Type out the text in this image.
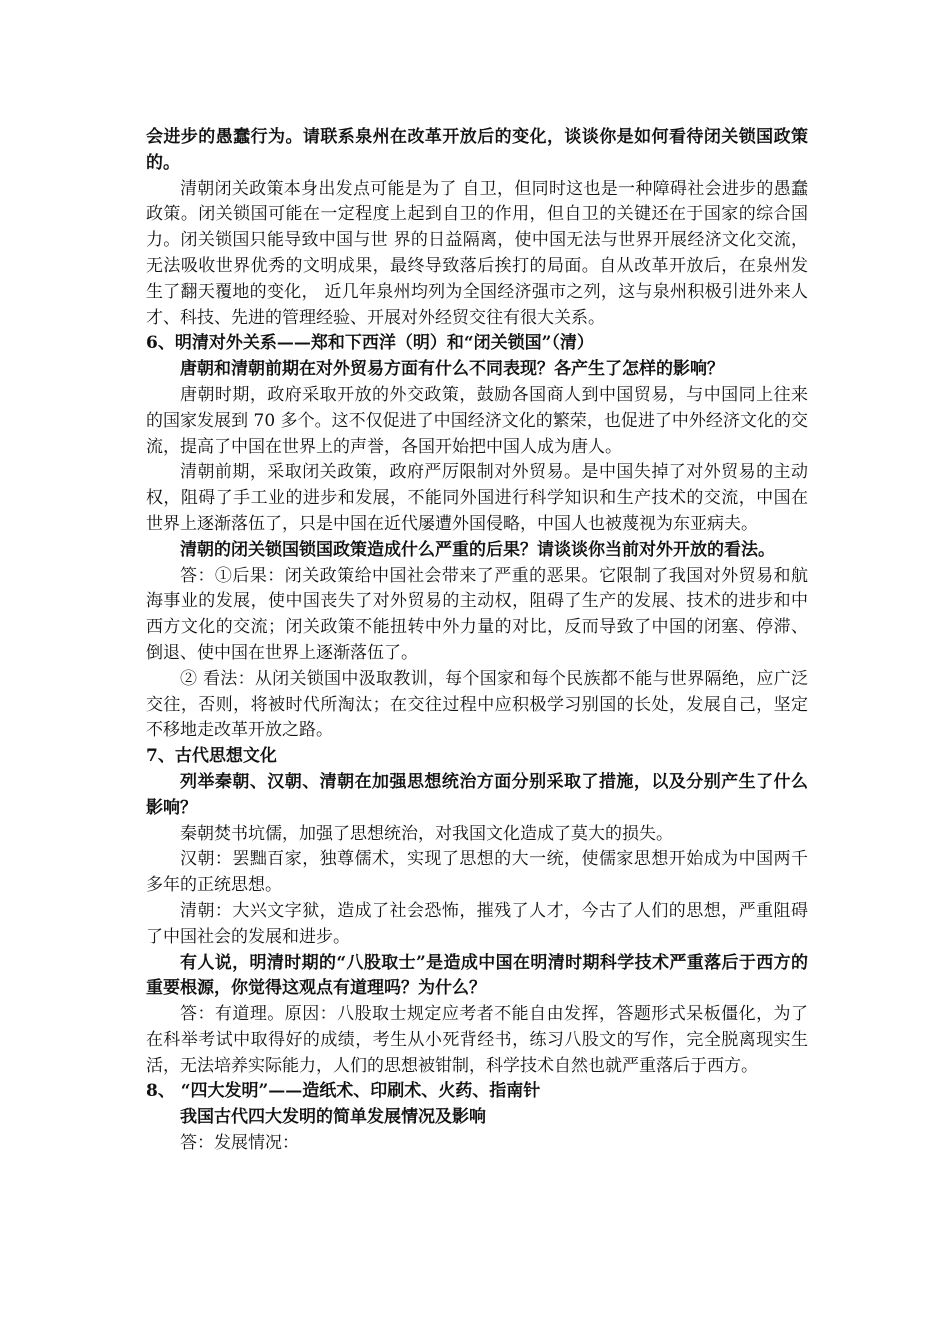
会进步的愚蠢行为。请联系泉州在改革开放后的变化，谈谈你是如何看待闭关锁国政策的。

清朝闭关政策本身出发点可能是为了 自卫，但同时这也是一种障碍社会进步的愚蠢政策。闭关锁国可能在一定程度上起到自卫的作用，但自卫的关键还在于国家的综合国力。闭关锁国只能导致中国与世 界的日益隔离，使中国无法与世界开展经济文化交流，无法吸收世界优秀的文明成果，最终导致落后挨打的局面。自从改革开放后，在泉州发生了翻天覆地的变化， 近几年泉州均列为全国经济强市之列，这与泉州积极引进外来人才、科技、先进的管理经验、开展对外经贸交往有很大关系。

6、明清对外关系——郑和下西洋（明）和“闭关锁国”（清）

唐朝和清朝前期在对外贸易方面有什么不同表现？各产生了怎样的影响？

唐朝时期，政府采取开放的外交政策，鼓励各国商人到中国贸易，与中国同上往来的国家发展到 70 多个。这不仅促进了中国经济文化的繁荣，也促进了中外经济文化的交流，提高了中国在世界上的声誉，各国开始把中国人成为唐人。

清朝前期，采取闭关政策，政府严厉限制对外贸易。是中国失掉了对外贸易的主动权，阻碍了手工业的进步和发展，不能同外国进行科学知识和生产技术的交流，中国在世界上逐渐落伍了，只是中国在近代屡遭外国侵略，中国人也被蔑视为东亚病夫。

清朝的闭关锁国锁国政策造成什么严重的后果？请谈谈你当前对外开放的看法。

答：①后果：闭关政策给中国社会带来了严重的恶果。它限制了我国对外贸易和航海事业的发展，使中国丧失了对外贸易的主动权，阻碍了生产的发展、技术的进步和中西方文化的交流；闭关政策不能扭转中外力量的对比，反而导致了中国的闭塞、停滞、倒退、使中国在世界上逐渐落伍了。

② 看法：从闭关锁国中汲取教训，每个国家和每个民族都不能与世界隔绝，应广泛交往，否则，将被时代所淘汰；在交往过程中应积极学习别国的长处，发展自己，坚定不移地走改革开放之路。

7、古代思想文化

列举秦朝、汉朝、清朝在加强思想统治方面分别采取了措施，以及分别产生了什么影响？

秦朝焚书坑儒，加强了思想统治，对我国文化造成了莫大的损失。

汉朝：罢黜百家，独尊儒术，实现了思想的大一统，使儒家思想开始成为中国两千多年的正统思想。

清朝：大兴文字狱，造成了社会恐怖，摧残了人才，今古了人们的思想，严重阻碍了中国社会的发展和进步。

有人说，明清时期的“八股取士”是造成中国在明清时期科学技术严重落后于西方的重要根源，你觉得这观点有道理吗？为什么？

答：有道理。原因：八股取士规定应考者不能自由发挥，答题形式呆板僵化，为了在科举考试中取得好的成绩，考生从小死背经书，练习八股文的写作，完全脱离现实生活，无法培养实际能力，人们的思想被钳制，科学技术自然也就严重落后于西方。

8、 “四大发明”——造纸术、印刷术、火药、指南针

我国古代四大发明的简单发展情况及影响

答：发展情况：
